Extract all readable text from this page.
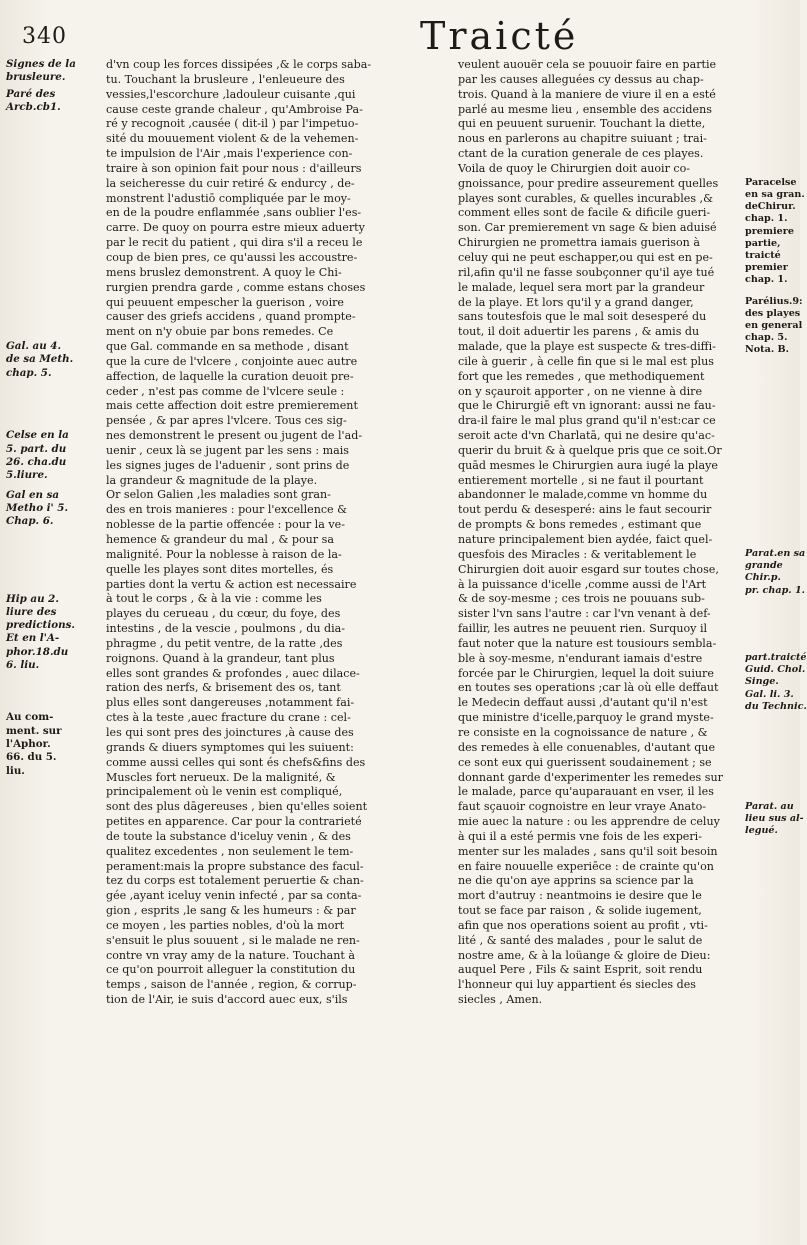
340	Traicté
d'vn coup les forces dissipées ,& le corps saba-
tu. Touchant la brusleure , l'enleueure des
vessies,l'escorchure ,ladouleur cuisante ,qui
cause ceste grande chaleur , qu'Ambroise Pa-
ré y recognoit ,causée ( dit-il ) par l'impetuo-
sité du mouuement violent & de la vehemen-
te impulsion de l'Air ,mais l'experience con-
traire à son opinion fait pour nous : d'ailleurs
la seicheresse du cuir retiré & endurcy , de-
monstrent l'adustiō compliquée par le moy-
en de la poudre enflammée ,sans oublier l'es-
carre. De quoy on pourra estre mieux aduerty
par le recit du patient , qui dira s'il a receu le
coup de bien pres, ce qu'aussi les accoustre-
mens bruslez demonstrent. A quoy le Chi-
rurgien prendra garde , comme estans choses
qui peuuent empescher la guerison , voire
causer des griefs accidens , quand prompte-
ment on n'y obuie par bons remedes. Ce
que Gal. commande en sa methode , disant
que la cure de l'vlcere , conjointe auec autre
affection, de laquelle la curation deuoit pre-
ceder , n'est pas comme de l'vlcere seule :
mais cette affection doit estre premierement
pensée , & par apres l'vlcere. Tous ces sig-
nes demonstrent le present ou jugent de l'ad-
uenir , ceux là se jugent par les sens : mais
les signes juges de l'aduenir , sont prins de
la grandeur & magnitude de la playe.
Or selon Galien ,les maladies sont gran-
des en trois manieres : pour l'excellence &
noblesse de la partie offencée : pour la ve-
hemence & grandeur du mal , & pour sa
malignité. Pour la noblesse à raison de la-
quelle les playes sont dites mortelles, és
parties dont la vertu & action est necessaire
à tout le corps , & à la vie : comme les
playes du cerueau , du cœur, du foye, des
intestins , de la vescie , poulmons , du dia-
phragme , du petit ventre, de la ratte ,des
roignons. Quand à la grandeur, tant plus
elles sont grandes & profondes , auec dilace-
ration des nerfs, & brisement des os, tant
plus elles sont dangereuses ,notamment fai-
ctes à la teste ,auec fracture du crane : cel-
les qui sont pres des joinctures ,à cause des
grands & diuers symptomes qui les suiuent:
comme aussi celles qui sont és chefs&fins des
Muscles fort nerueux. De la malignité, &
principalement où le venin est compliqué,
sont des plus dāgereuses , bien qu'elles soient
petites en apparence. Car pour la contrarieté
de toute la substance d'iceluy venin , & des
qualitez excedentes , non seulement le tem-
perament:mais la propre substance des facul-
tez du corps est totalement peruertie & chan-
gée ,ayant iceluy venin infecté , par sa conta-
gion , esprits ,le sang & les humeurs : & par
ce moyen , les parties nobles, d'où la mort
s'ensuit le plus souuent , si le malade ne ren-
contre vn vray amy de la nature. Touchant à
ce qu'on pourroit alleguer la constitution du
temps , saison de l'année , region, & corrup-
tion de l'Air, ie suis d'accord auec eux, s'ils
veulent auouër cela se pouuoir faire en partie
par les causes alleguées cy dessus au chap-
trois. Quand à la maniere de viure il en a esté
parlé au mesme lieu , ensemble des accidens
qui en peuuent suruenir. Touchant la diette,
nous en parlerons au chapitre suiuant ; trai-
ctant de la curation generale de ces playes.
Voila de quoy le Chirurgien doit auoir co-
gnoissance, pour predire asseurement quelles
playes sont curables, & quelles incurables ,&
comment elles sont de facile & dificile gueri-
son. Car premierement vn sage & bien aduisé
Chirurgien ne promettra iamais guerison à
celuy qui ne peut eschapper,ou qui est en pe-
ril,afin qu'il ne fasse soubçonner qu'il aye tué
le malade, lequel sera mort par la grandeur
de la playe. Et lors qu'il y a grand danger,
sans toutesfois que le mal soit desesperé du
tout, il doit aduertir les parens , & amis du
malade, que la playe est suspecte & tres-diffi-
cile à guerir , à celle fin que si le mal est plus
fort que les remedes , que methodiquement
on y sçauroit apporter , on ne vienne à dire
que le Chirurgiē eft vn ignorant: aussi ne fau-
dra-il faire le mal plus grand qu'il n'est:car ce
seroit acte d'vn Charlatā, qui ne desire qu'ac-
querir du bruit & à quelque pris que ce soit.Or
quād mesmes le Chirurgien aura iugé la playe
entierement mortelle , si ne faut il pourtant
abandonner le malade,comme vn homme du
tout perdu & desesperé: ains le faut secourir
de prompts & bons remedes , estimant que
nature principalement bien aydée, faict quel-
quesfois des Miracles : & veritablement le
Chirurgien doit auoir esgard sur toutes chose,
à la puissance d'icelle ,comme aussi de l'Art
& de soy-mesme ; ces trois ne pouuans sub-
sister l'vn sans l'autre : car l'vn venant à def-
faillir, les autres ne peuuent rien. Surquoy il
faut noter que la nature est tousiours sembla-
ble à soy-mesme, n'endurant iamais d'estre
forcée par le Chirurgien, lequel la doit suiure
en toutes ses operations ;car là où elle deffaut
le Medecin deffaut aussi ,d'autant qu'il n'est
que ministre d'icelle,parquoy le grand myste-
re consiste en la cognoissance de nature , &
des remedes à elle conuenables, d'autant que
ce sont eux qui guerissent soudainement ; se
donnant garde d'experimenter les remedes sur
le malade, parce qu'auparauant en vser, il les
faut sçauoir cognoistre en leur vraye Anato-
mie auec la nature : ou les apprendre de celuy
à qui il a esté permis vne fois de les experi-
menter sur les malades , sans qu'il soit besoin
en faire nouuelle experiēce : de crainte qu'on
ne die qu'on aye apprins sa science par la
mort d'autruy : neantmoins ie desire que le
tout se face par raison , & solide iugement,
afin que nos operations soient au profit , vti-
lité , & santé des malades , pour le salut de
nostre ame, & à la loüange & gloire de Dieu:
auquel Pere , Fils & saint Esprit, soit rendu
l'honneur qui luy appartient és siecles des
siecles , Amen.
Signes de la
brusleure.
Paré des
Arcb.cb1.
Gal. au 4.
de sa Meth.
chap. 5.
Celse en la
5. part. du
26. cha.du
5.liure.
Gal en sa
Metho i' 5.
Chap. 6.
Hip au 2.
liure des
predictions.
Et en l'A-
phor.18.du
6. liu.
Au com-
ment. sur
l'Aphor.
66. du 5.
liu.
Paracelse
en sa gran.
deChirur.
chap. 1.
premiere
partie,
traicté
premier
chap. 1.
Parélius.9:
des playes
en general
chap. 5.
Nota. B.
Parat.en sa
grande
Chir.p.
pr. chap. 1.
part.traicté
Guid. Chol.
Singe.
Gal. li. 3.
du Technic.
Parat. au
lieu sus al-
legué.
